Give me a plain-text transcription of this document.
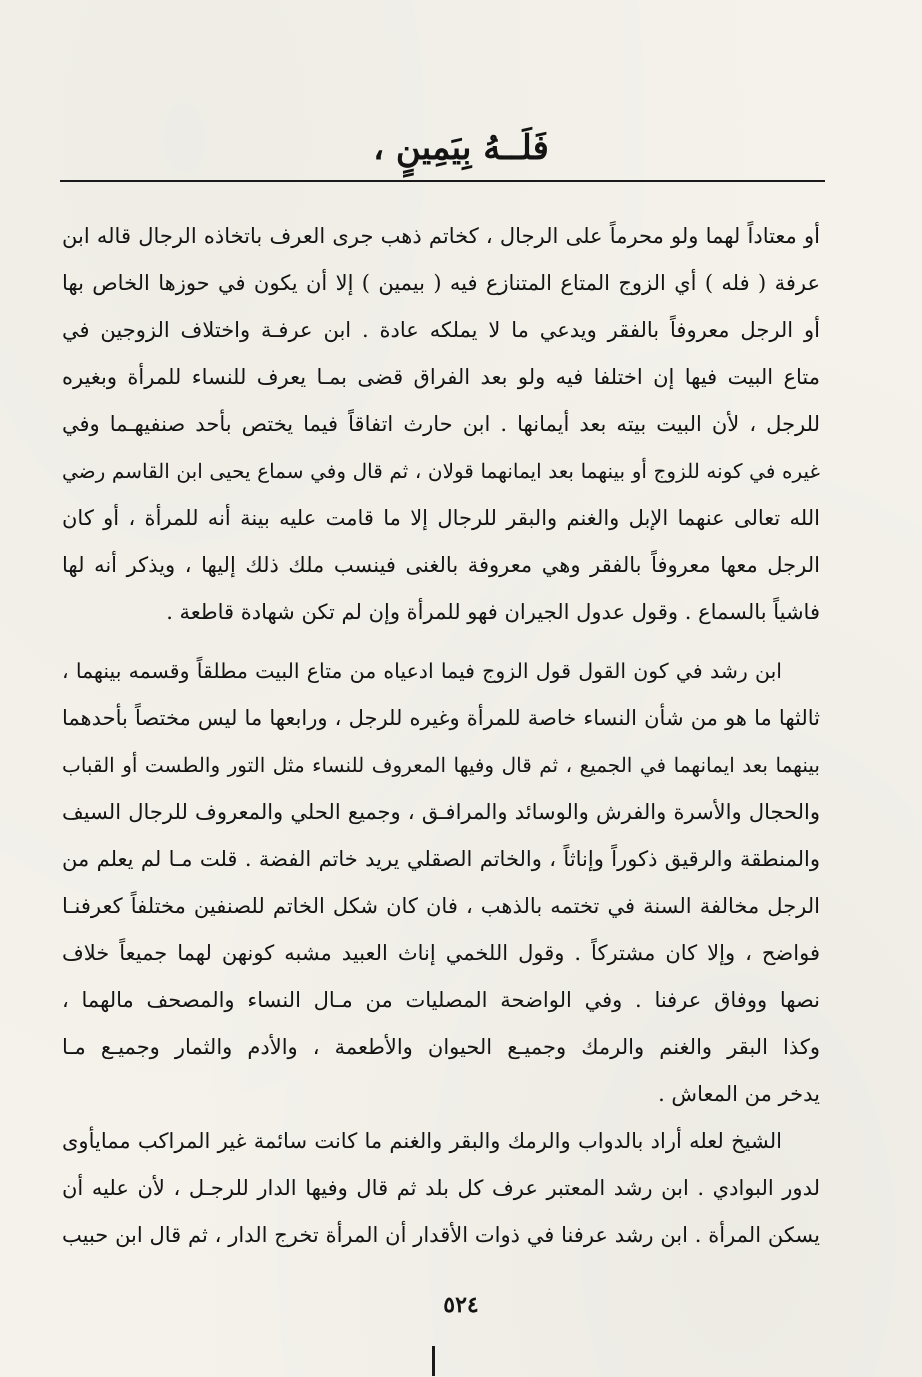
فَلَــهُ بِيَمِينٍ ،
أو معتاداً لهما ولو محرماً على الرجال ، كخاتم ذهب جرى العرف باتخاذه الرجال قاله ابن
عرفة ( فله ) أي الزوج المتاع المتنازع فيه ( بيمين ) إلا أن يكون في حوزها الخاص بها
أو الرجل معروفاً بالفقر ويدعي ما لا يملكه عادة . ابن عرفـة واختلاف الزوجين في
متاع البيت فيها إن اختلفا فيه ولو بعد الفراق قضى بمـا يعرف للنساء للمرأة وبغيره
للرجل ، لأن البيت بيته بعد أيمانها . ابن حارث اتفاقاً فيما يختص بأحد صنفيهـما وفي
غيره في كونه للزوج أو بينهما بعد ايمانهما قولان ، ثم قال وفي سماع يحيى ابن القاسم رضي
الله تعالى عنهما الإبل والغنم والبقر للرجال إلا ما قامت عليه بينة أنه للمرأة ، أو كان
الرجل معها معروفاً بالفقر وهي معروفة بالغنى فينسب ملك ذلك إليها ، ويذكر أنه لها
فاشياً بالسماع . وقول عدول الجيران فهو للمرأة وإن لم تكن شهادة قاطعة .
ابن رشد في كون القول قول الزوج فيما ادعياه من متاع البيت مطلقاً وقسمه بينهما ،
ثالثها ما هو من شأن النساء خاصة للمرأة وغيره للرجل ، ورابعها ما ليس مختصاً بأحدهما
بينهما بعد ايمانهما في الجميع ، ثم قال وفيها المعروف للنساء مثل التور والطست أو القباب
والحجال والأسرة والفرش والوسائد والمرافـق ، وجميع الحلي والمعروف للرجال السيف
والمنطقة والرقيق ذكوراً وإناثاً ، والخاتم الصقلي يريد خاتم الفضة . قلت مـا لم يعلم من
الرجل مخالفة السنة في تختمه بالذهب ، فان كان شكل الخاتم للصنفين مختلفاً كعرفنـا
فواضح ، وإلا كان مشتركاً . وقول اللخمي إناث العبيد مشبه كونهن لهما جميعاً خلاف
نصها ووفاق عرفنا . وفي الواضحة المصليات من مـال النساء والمصحف مالهما ،
وكذا البقر والغنم والرمك وجميـع الحيوان والأطعمة ، والأدم والثمار وجميـع مـا
يدخر من المعاش .
الشيخ لعله أراد بالدواب والرمك والبقر والغنم ما كانت سائمة غير المراكب ممايأوى
لدور البوادي . ابن رشد المعتبر عرف كل بلد ثم قال وفيها الدار للرجـل ، لأن عليه أن
يسكن المرأة . ابن رشد عرفنا في ذوات الأقدار أن المرأة تخرج الدار ، ثم قال ابن حبيب
٥٢٤
